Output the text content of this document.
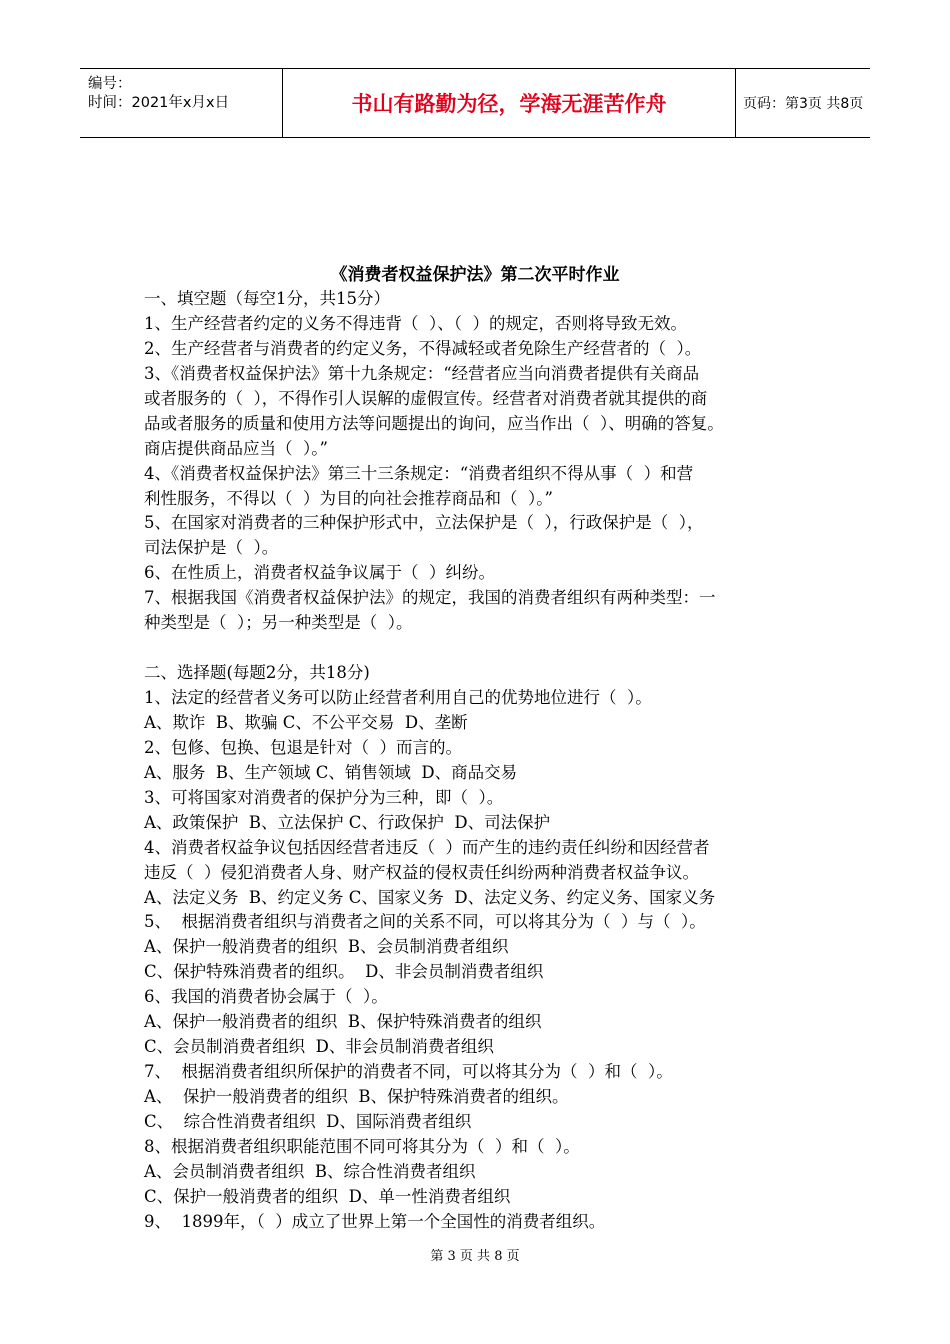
编号：
时间：2021年x月x日	书山有路勤为径，学海无涯苦作舟	页码：第3页 共8页
《消费者权益保护法》第二次平时作业
一、填空题（每空1分，共15分）
1、生产经营者约定的义务不得违背（  ）、（  ）的规定，否则将导致无效。
2、生产经营者与消费者的约定义务，不得减轻或者免除生产经营者的（  ）。
3、《消费者权益保护法》第十九条规定：“经营者应当向消费者提供有关商品
或者服务的（  ），不得作引人误解的虚假宣传。经营者对消费者就其提供的商
品或者服务的质量和使用方法等问题提出的询问，应当作出（  ）、明确的答复。
商店提供商品应当（  ）。”
4、《消费者权益保护法》第三十三条规定：“消费者组织不得从事（  ）和营
利性服务，不得以（  ）为目的向社会推荐商品和（  ）。”
5、在国家对消费者的三种保护形式中，立法保护是（  ），行政保护是（  ），
司法保护是（  ）。
6、在性质上，消费者权益争议属于（  ）纠纷。
7、根据我国《消费者权益保护法》的规定，我国的消费者组织有两种类型：一
种类型是（  ）；另一种类型是（  ）。
二、选择题(每题2分，共18分)
1、法定的经营者义务可以防止经营者利用自己的优势地位进行（  ）。
A、欺诈  B、欺骗 C、不公平交易  D、垄断
2、包修、包换、包退是针对（  ）而言的。
A、服务  B、生产领域 C、销售领域  D、商品交易
3、可将国家对消费者的保护分为三种，即（  ）。
A、政策保护  B、立法保护 C、行政保护  D、司法保护
4、消费者权益争议包括因经营者违反（  ）而产生的违约责任纠纷和因经营者
违反（  ）侵犯消费者人身、财产权益的侵权责任纠纷两种消费者权益争议。
A、法定义务  B、约定义务 C、国家义务  D、法定义务、约定义务、国家义务
5、  根据消费者组织与消费者之间的关系不同，可以将其分为（  ）与（  ）。
A、保护一般消费者的组织  B、会员制消费者组织
C、保护特殊消费者的组织。  D、非会员制消费者组织
6、我国的消费者协会属于（  ）。
A、保护一般消费者的组织  B、保护特殊消费者的组织
C、会员制消费者组织  D、非会员制消费者组织
7、  根据消费者组织所保护的消费者不同，可以将其分为（  ）和（  ）。
A、  保护一般消费者的组织  B、保护特殊消费者的组织。
C、  综合性消费者组织  D、国际消费者组织
8、根据消费者组织职能范围不同可将其分为（  ）和（  ）。
A、会员制消费者组织  B、综合性消费者组织
C、保护一般消费者的组织  D、单一性消费者组织
9、  1899年，（  ）成立了世界上第一个全国性的消费者组织。
第 3 页 共 8 页
